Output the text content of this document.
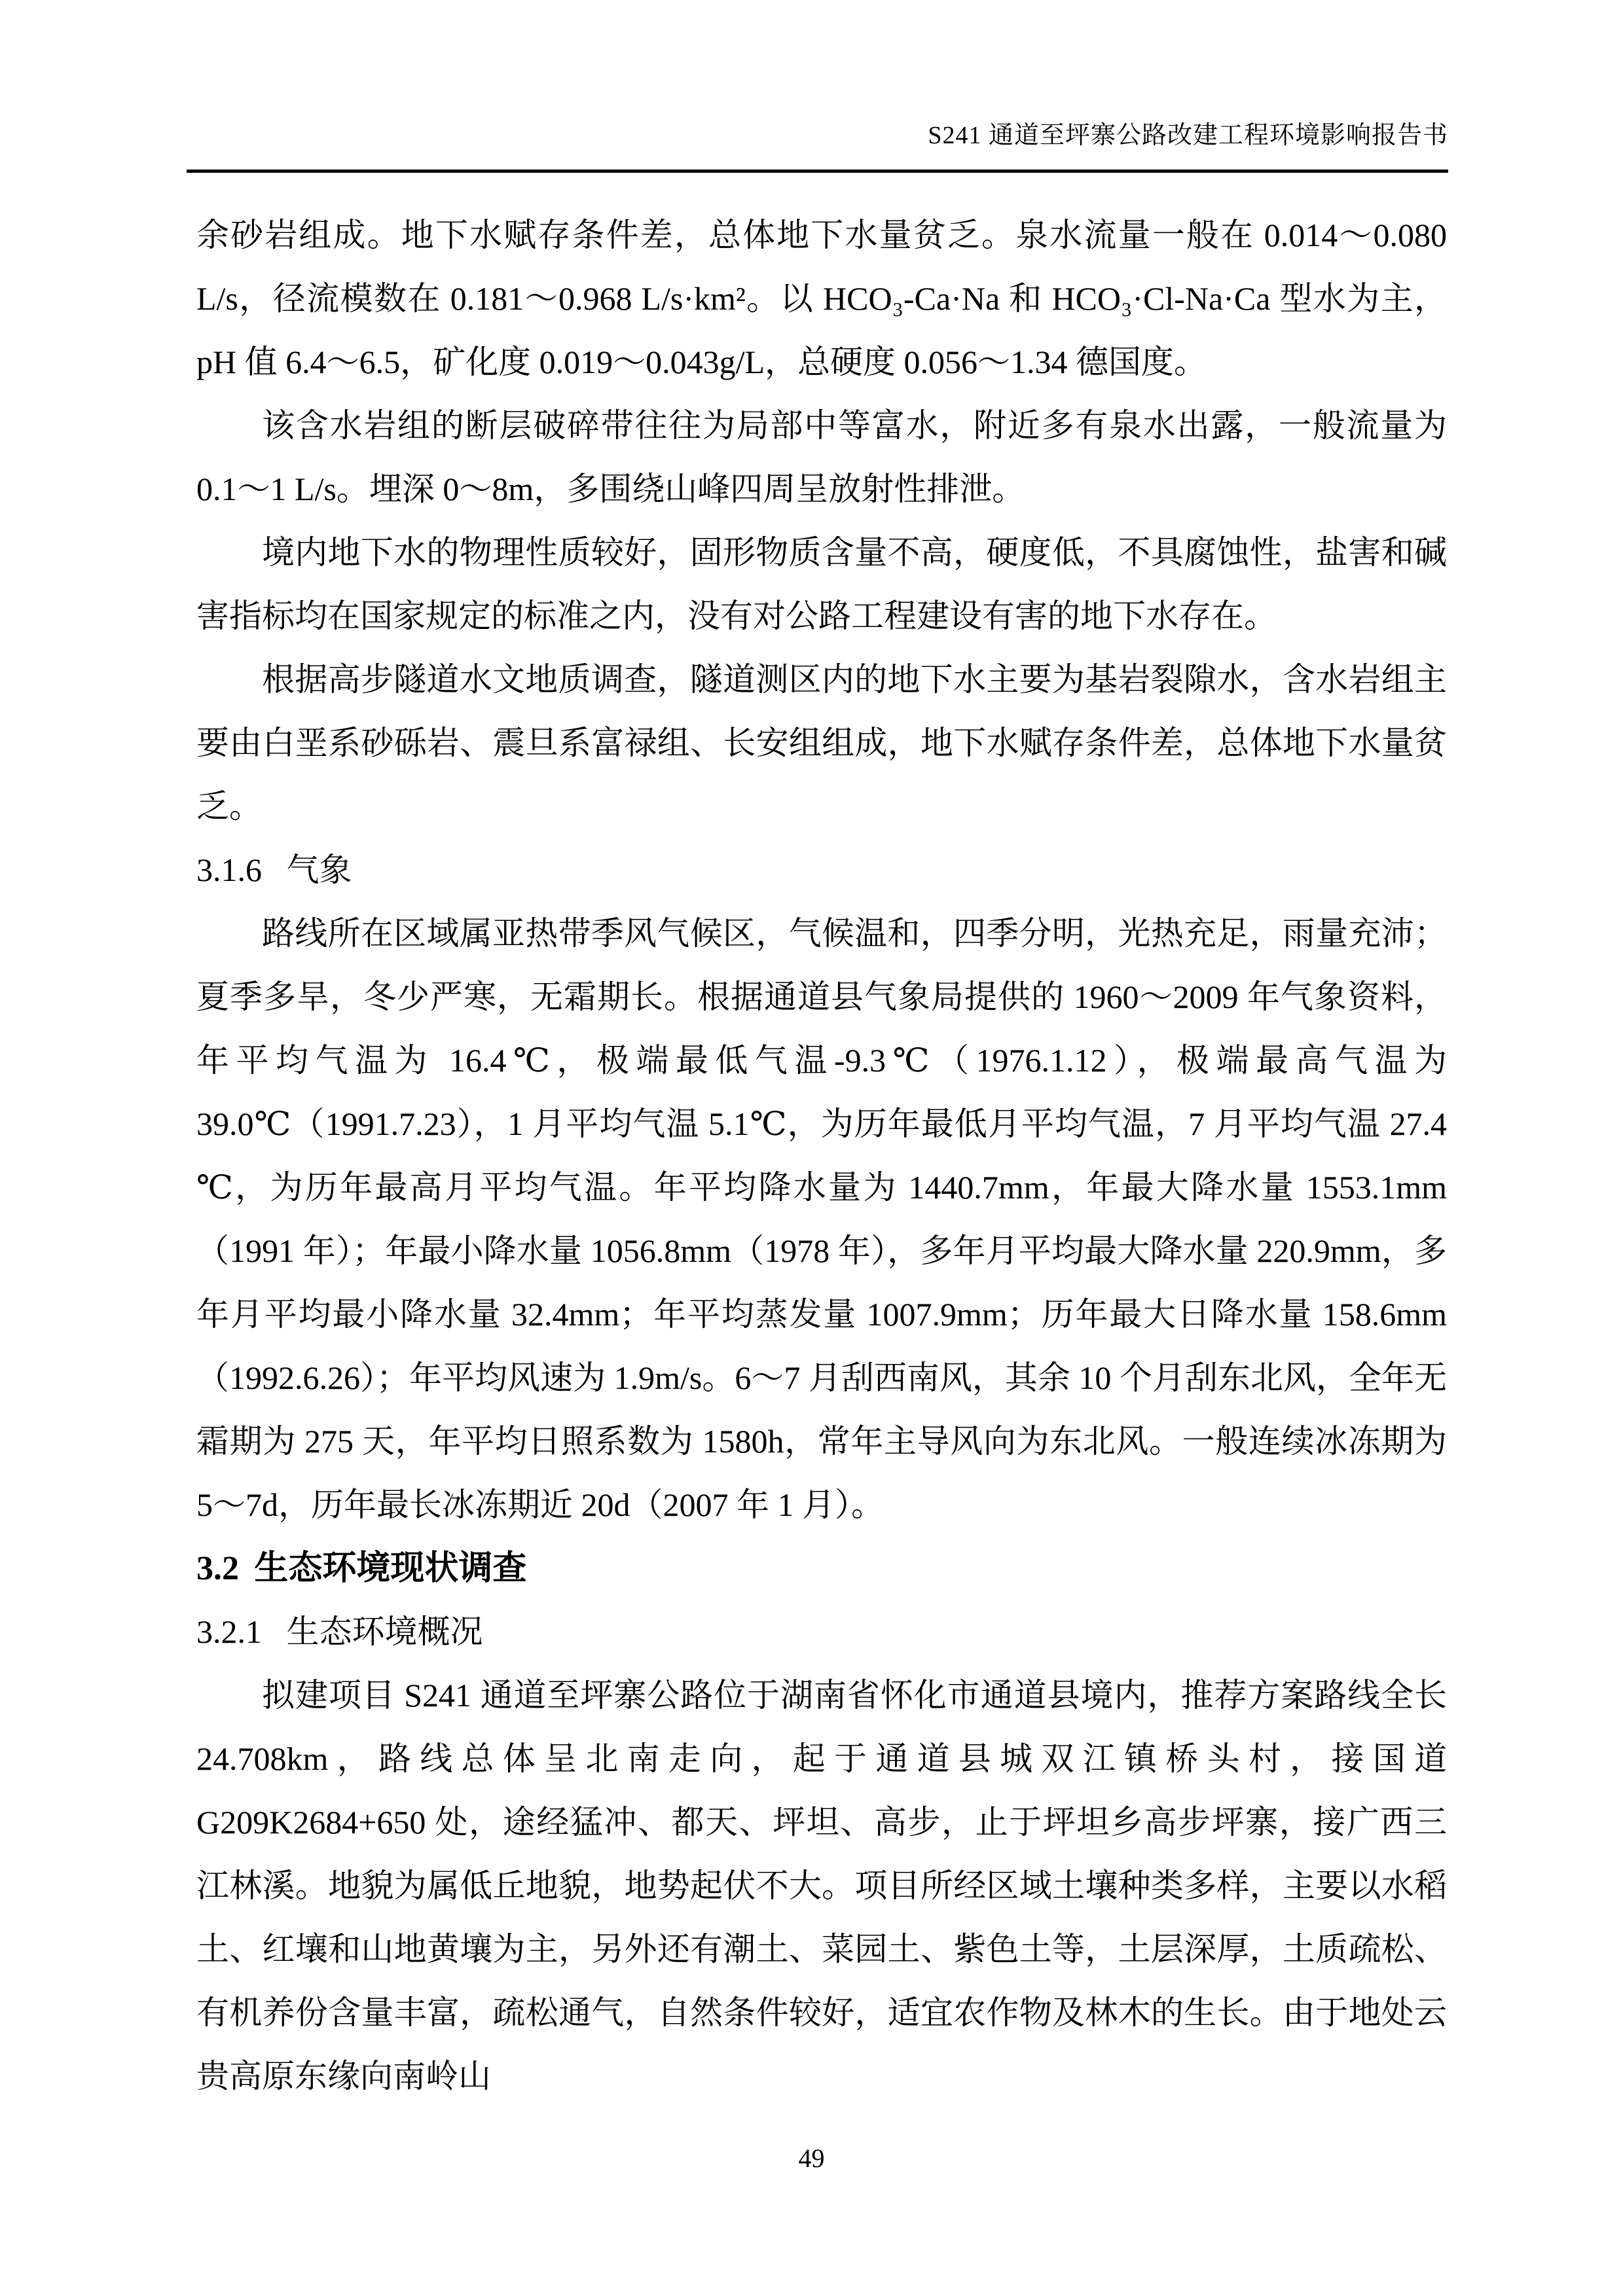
S241 通道至坪寨公路改建工程环境影响报告书

余砂岩组成。地下水赋存条件差，总体地下水量贫乏。泉水流量一般在 0.014～0.080 L/s，径流模数在 0.181～0.968 L/s·km²。以 HCO₃-Ca·Na 和 HCO₃·Cl-Na·Ca 型水为主，pH 值 6.4～6.5，矿化度 0.019～0.043g/L，总硬度 0.056～1.34 德国度。

该含水岩组的断层破碎带往往为局部中等富水，附近多有泉水出露，一般流量为 0.1～1 L/s。埋深 0～8m，多围绕山峰四周呈放射性排泄。

境内地下水的物理性质较好，固形物质含量不高，硬度低，不具腐蚀性，盐害和碱害指标均在国家规定的标准之内，没有对公路工程建设有害的地下水存在。

根据高步隧道水文地质调查，隧道测区内的地下水主要为基岩裂隙水，含水岩组主要由白垩系砂砾岩、震旦系富禄组、长安组组成，地下水赋存条件差，总体地下水量贫乏。

3.1.6 气象

路线所在区域属亚热带季风气候区，气候温和，四季分明，光热充足，雨量充沛；夏季多旱，冬少严寒，无霜期长。根据通道县气象局提供的 1960～2009 年气象资料，年平均气温为 16.4℃，极端最低气温-9.3℃（1976.1.12），极端最高气温为 39.0℃（1991.7.23），1 月平均气温 5.1℃，为历年最低月平均气温，7 月平均气温 27.4 ℃，为历年最高月平均气温。年平均降水量为 1440.7mm，年最大降水量 1553.1mm（1991 年）；年最小降水量 1056.8mm（1978 年），多年月平均最大降水量 220.9mm，多年月平均最小降水量 32.4mm；年平均蒸发量 1007.9mm；历年最大日降水量 158.6mm（1992.6.26）；年平均风速为 1.9m/s。6～7 月刮西南风，其余 10 个月刮东北风，全年无霜期为 275 天，年平均日照系数为 1580h，常年主导风向为东北风。一般连续冰冻期为 5～7d，历年最长冰冻期近 20d（2007 年 1 月）。

3.2 生态环境现状调查
3.2.1 生态环境概况

拟建项目 S241 通道至坪寨公路位于湖南省怀化市通道县境内，推荐方案路线全长 24.708km，路线总体呈北南走向，起于通道县城双江镇桥头村，接国道 G209K2684+650 处，途经猛冲、都天、坪坦、高步，止于坪坦乡高步坪寨，接广西三江林溪。地貌为属低丘地貌，地势起伏不大。项目所经区域土壤种类多样，主要以水稻土、红壤和山地黄壤为主，另外还有潮土、菜园土、紫色土等，土层深厚，土质疏松、有机养份含量丰富，疏松通气，自然条件较好，适宜农作物及林木的生长。由于地处云贵高原东缘向南岭山

49
